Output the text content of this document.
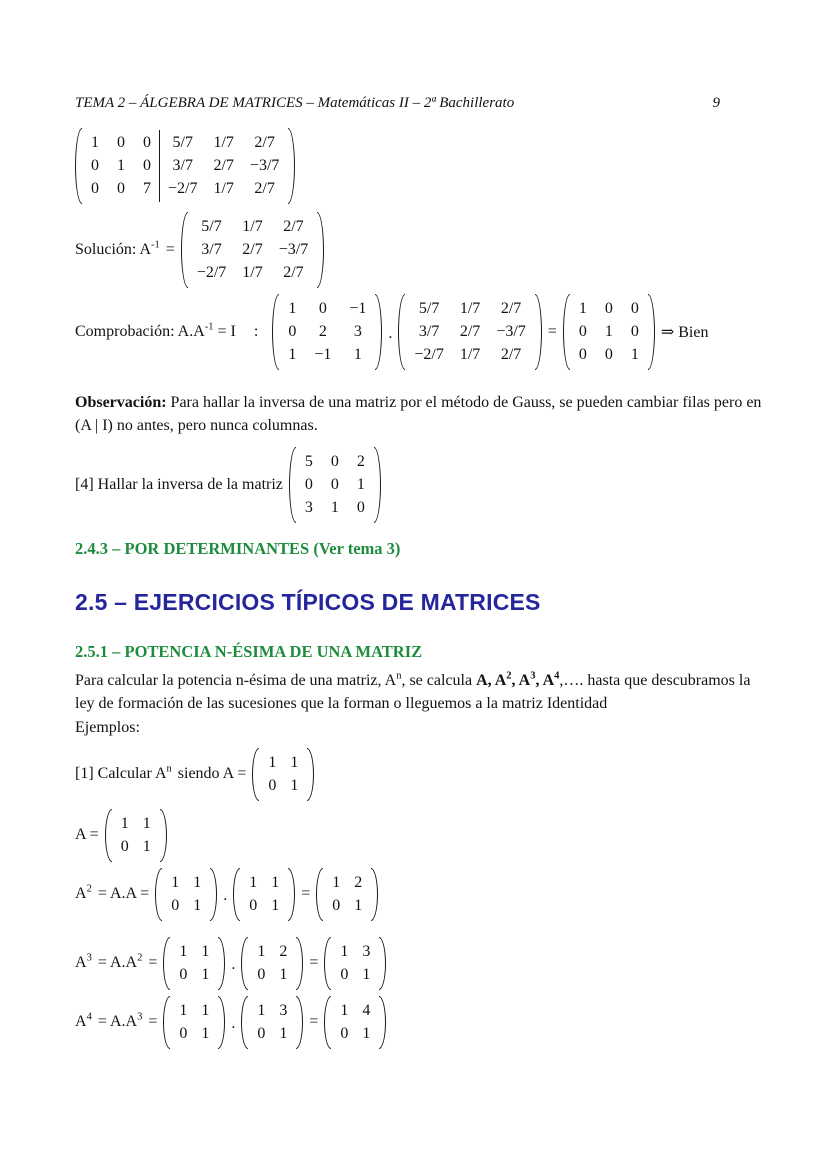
TEMA 2 – ÁLGEBRA DE MATRICES – Matemáticas II – 2ª Bachillerato	9
1 0 0
0 1 0
0 0 7
5/7 1/7 2/7
3/7 2/7 −3/7
−2/7 1/7 2/7
Solución: $A^{-1}$ =
5/7 1/7 2/7
3/7 2/7 −3/7
−2/7 1/7 2/7
Comprobación: $A.A^{-1} = I$ :
1 0 −1
0 2 3
1 −1 1
.
5/7 1/7 2/7
3/7 2/7 −3/7
−2/7 1/7 2/7
=
1 0 0
0 1 0
0 0 1
⇒ Bien

Observación: Para hallar la inversa de una matriz por el método de Gauss, se pueden cambiar filas pero en (A | I) no antes, pero nunca columnas.

[4] Hallar la inversa de la matriz
5 0 2
0 0 1
3 1 0
2.4.3 – POR DETERMINANTES (Ver tema 3)
2.5 – EJERCICIOS TÍPICOS DE MATRICES
2.5.1 – POTENCIA N-ÉSIMA DE UNA MATRIZ

Para calcular la potencia n-ésima de una matriz, $A^n$, se calcula A, $A^2$, $A^3$, $A^4,\dots$. hasta que descubramos la ley de formación de las sucesiones que la forman o lleguemos a la matriz Identidad

Ejemplos:
[1] Calcular $A^n$ siendo A =
1 1
0 1
A =
1 1
0 1
$A^2 = A.A$ =
1 1
0 1
.
1 1
0 1
=
1 2
0 1
$A^3 = A.A^2$ =
1 1
0 1
.
1 2
0 1
=
1 3
0 1
$A^4 = A.A^3$ =
1 1
0 1
.
1 3
0 1
=
1 4
0 1
